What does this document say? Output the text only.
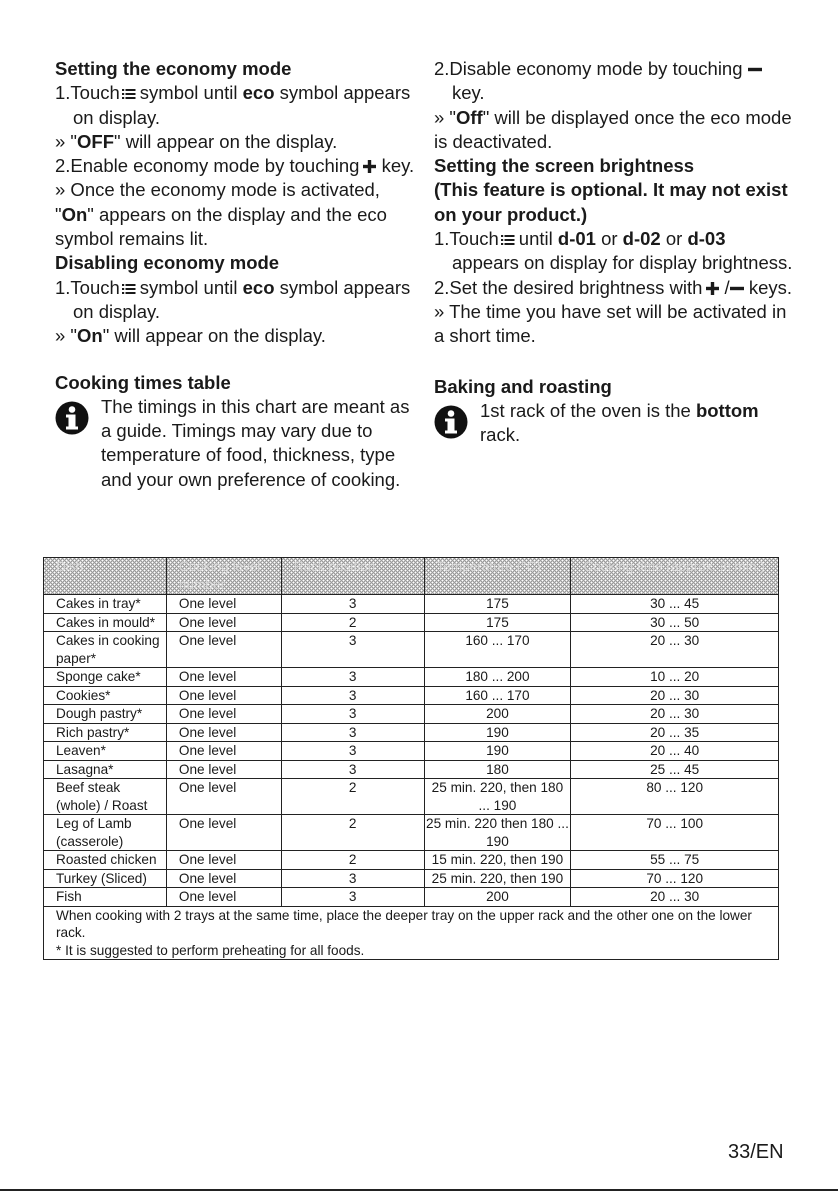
Setting the economy mode

1.Touch symbol until eco symbol appears on display.

» "OFF" will appear on the display.

2.Enable economy mode by touching key.

» Once the economy mode is activated, "On" appears on the display and the eco symbol remains lit.

Disabling economy mode

1.Touch symbol until eco symbol appears on display.

» "On" will appear on the display.

Cooking times table

The timings in this chart are meant as a guide. Timings may vary due to temperature of food, thickness, type and your own preference of cooking.

2.Disable economy mode by touching  key.

» "Off" will be displayed once the eco mode is deactivated.

Setting the screen brightness

(This feature is optional. It may not exist on your product.)

1.Touch until d-01 or d-02 or d-03 appears on display for display brightness.

2.Set the desired brightness with / keys.

» The time you have set will be activated in a short time.

Baking and roasting

1st rack of the oven is the bottom rack.

Dish	Cooking level number	Rack position	Temperature (°C)	Cooking time (approx. in min.)
Cakes in tray*	One level	3	175	30 ... 45
Cakes in mould*	One level	2	175	30 ... 50
Cakes in cooking paper*	One level	3	160 ... 170	20 ... 30
Sponge cake*	One level	3	180 ... 200	10 ... 20
Cookies*	One level	3	160 ... 170	20 ... 30
Dough pastry*	One level	3	200	20 ... 30
Rich pastry*	One level	3	190	20 ... 35
Leaven*	One level	3	190	20 ... 40
Lasagna*	One level	3	180	25 ... 45
Beef steak (whole) / Roast	One level	2	25 min. 220, then 180 ... 190	80 ... 120
Leg of Lamb (casserole)	One level	2	25 min. 220 then 180 ... 190	70 ... 100
Roasted chicken	One level	2	15 min. 220, then 190	55 ... 75
Turkey (Sliced)	One level	3	25 min. 220, then 190	70 ... 120
Fish	One level	3	200	20 ... 30

When cooking with 2 trays at the same time, place the deeper tray on the upper rack and the other one on the lower rack.
* It is suggested to perform preheating for all foods.				
33/EN
